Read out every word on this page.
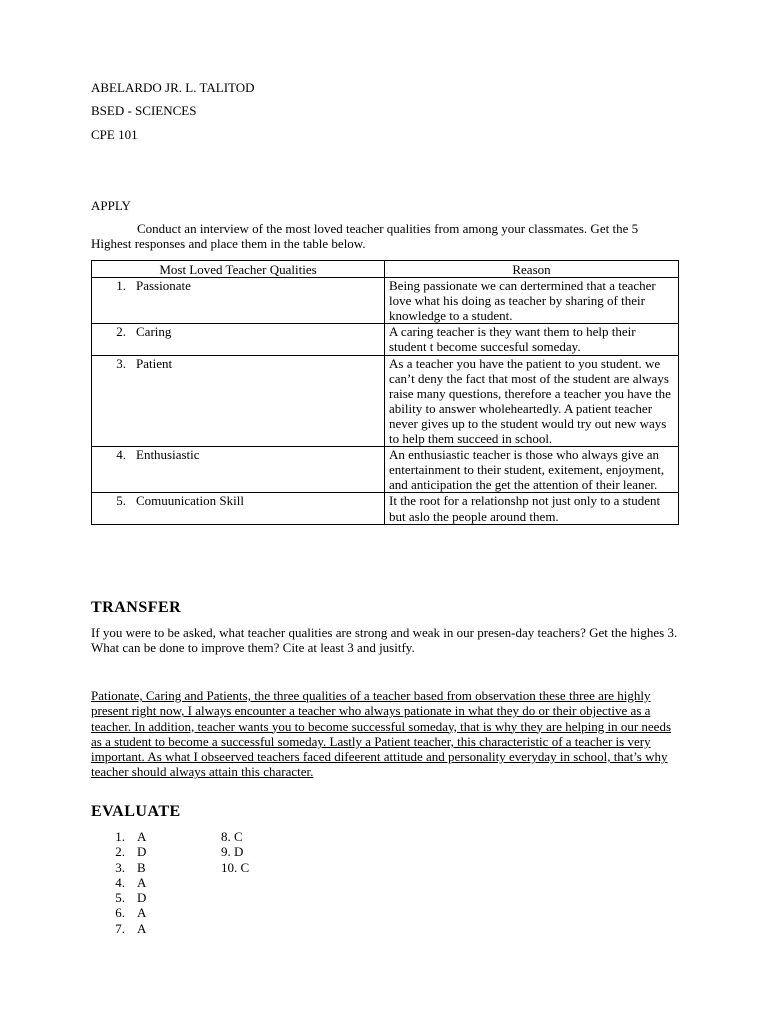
ABELARDO JR. L. TALITOD
BSED - SCIENCES
CPE 101
APPLY

Conduct an interview of the most loved teacher qualities from among your classmates. Get the 5 Highest responses and place them in the table below.

Most Loved Teacher Qualities	Reason
1. Passionate	Being passionate we can dertermined that a teacher love what his doing as teacher by sharing of their knowledge to a student.
2. Caring	A caring teacher is they want them to help their student t become succesful someday.
3. Patient	As a teacher you have the patient to you student. we can’t deny the fact that most of the student are always raise many questions, therefore a teacher you have the ability to answer wholeheartedly. A patient teacher never gives up to the student would try out new ways to help them succeed in school.
4. Enthusiastic	An enthusiastic teacher is those who always give an entertainment to their student, exitement, enjoyment, and anticipation the get the attention of their leaner.
5. Comuunication Skill	It the root for a relationshp not just only to a student but aslo the people around them.
TRANSFER

If you were to be asked, what teacher qualities are strong and weak in our presen-day teachers? Get the highes 3. What can be done to improve them? Cite at least 3 and jusitfy.

Pationate, Caring and Patients, the three qualities of a teacher based from observation these three are highly present right now, I always encounter a teacher who always pationate in what they do or their objective as a teacher. In addition, teacher wants you to become successful someday, that is why they are helping in our needs as a student to become a successful someday. Lastly a Patient teacher, this characteristic of a teacher is very important. As what I obseerved teachers faced difeerent attitude and personality everyday in school, that’s why teacher should always attain this character.

EVALUATE
1. A	8. C
2. D	9. D
3. B	10. C
4. A
5. D
6. A
7. A
